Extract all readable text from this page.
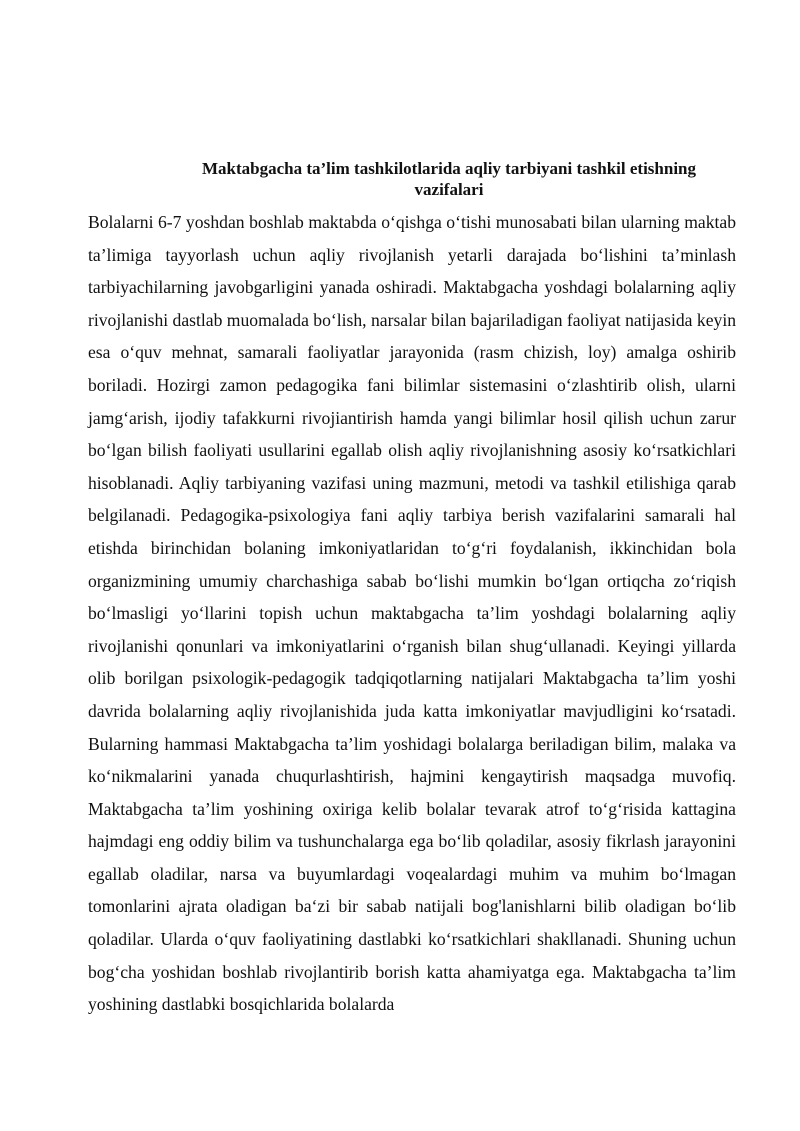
Maktabgacha ta’lim tashkilotlarida aqliy tarbiyani tashkil etishning
vazifalari

Bolalarni 6-7 yoshdan boshlab maktabda o‘qishga o‘tishi munosabati bilan ularning maktab ta’limiga tayyorlash uchun aqliy rivojlanish yetarli darajada bo‘lishini ta’minlash tarbiyachilarning javobgarligini yanada oshiradi. Maktabgacha yoshdagi bolalarning aqliy rivojlanishi dastlab muomalada bo‘lish, narsalar bilan bajariladigan faoliyat natijasida keyin esa o‘quv mehnat, samarali faoliyatlar jarayonida (rasm chizish, loy) amalga oshirib boriladi. Hozirgi zamon pedagogika fani bilimlar sistemasini o‘zlashtirib olish, ularni jamg‘arish, ijodiy tafakkurni rivojiantirish hamda yangi bilimlar hosil qilish uchun zarur bo‘lgan bilish faoliyati usullarini egallab olish aqliy rivojlanishning asosiy ko‘rsatkichlari hisoblanadi. Aqliy tarbiyaning vazifasi uning mazmuni, metodi va tashkil etilishiga qarab belgilanadi. Pedagogika-psixologiya fani aqliy tarbiya berish vazifalarini samarali hal etishda birinchidan bolaning imkoniyatlaridan to‘g‘ri foydalanish, ikkinchidan bola organizmining umumiy charchashiga sabab bo‘lishi mumkin bo‘lgan ortiqcha zo‘riqish bo‘lmasligi yo‘llarini topish uchun maktabgacha ta’lim yoshdagi bolalarning aqliy rivojlanishi qonunlari va imkoniyatlarini o‘rganish bilan shug‘ullanadi. Keyingi yillarda olib borilgan psixologik-pedagogik tadqiqotlarning natijalari Maktabgacha ta’lim yoshi davrida bolalarning aqliy rivojlanishida juda katta imkoniyatlar mavjudligini ko‘rsatadi. Bularning hammasi Maktabgacha ta’lim yoshidagi bolalarga beriladigan bilim, malaka va ko‘nikmalarini yanada chuqurlashtirish, hajmini kengaytirish maqsadga muvofiq. Maktabgacha ta’lim yoshining oxiriga kelib bolalar tevarak atrof to‘g‘risida kattagina hajmdagi eng oddiy bilim va tushunchalarga ega bo‘lib qoladilar, asosiy fikrlash jarayonini egallab oladilar, narsa va buyumlardagi voqealardagi muhim va muhim bo‘lmagan tomonlarini ajrata oladigan ba‘zi bir sabab natijali bog'lanishlarni bilib oladigan bo‘lib qoladilar. Ularda o‘quv faoliyatining dastlabki ko‘rsatkichlari shakllanadi. Shuning uchun bog‘cha yoshidan boshlab rivojlantirib borish katta ahamiyatga ega. Maktabgacha ta’lim yoshining dastlabki bosqichlarida bolalarda
